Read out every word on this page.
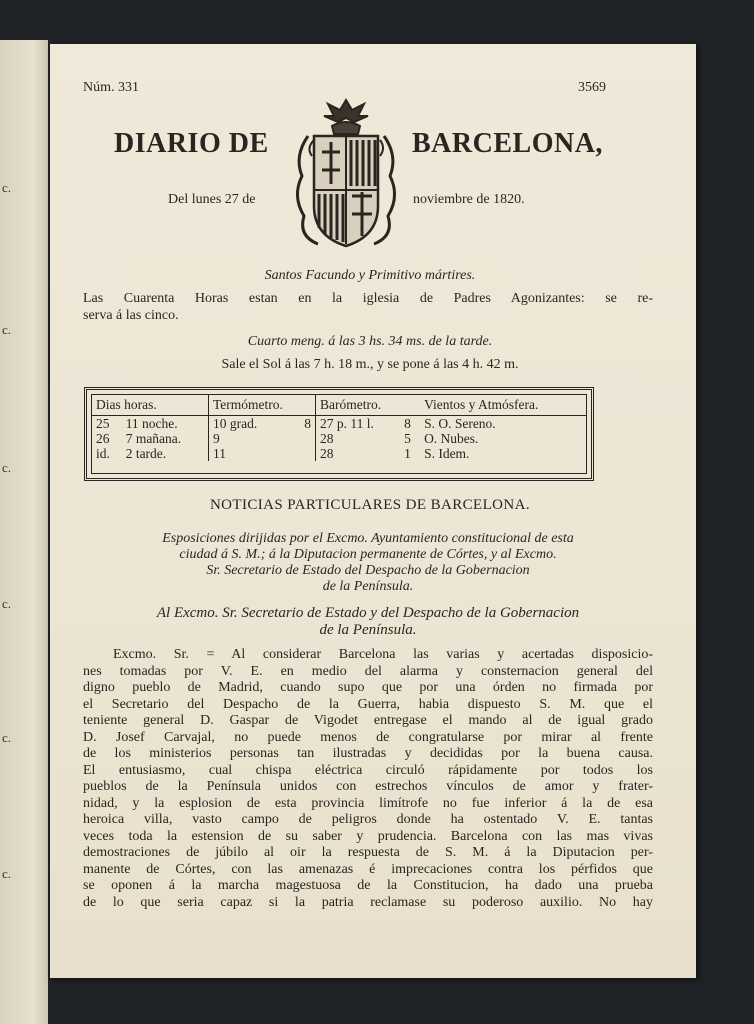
c.
c.
c.
c.
c.
c.
Núm. 331	3569
DIARIO DE	BARCELONA,
Del lunes 27 de	noviembre de 1820.
Santos Facundo y Primitivo mártires.
Las Cuarenta Horas estan en la iglesia de Padres Agonizantes: se re-
serva á las cinco.
Cuarto meng. á las 3 hs. 34 ms. de la tarde.
Sale el Sol á las 7 h. 18 m., y se pone á las 4 h. 42 m.
Dias horas.		Termómetro.		Barómetro.		Vientos y Atmósfera.
25	11 noche.	10 grad.	8	27 p. 11 l.	8	S. O. Sereno.
26	7 mañana.	9		28	5	O. Nubes.
id.	2 tarde.	11		28	1	S. Idem.
NOTICIAS PARTICULARES DE BARCELONA.
Esposiciones dirijidas por el Excmo. Ayuntamiento constitucional de esta
ciudad á S. M.; á la Diputacion permanente de Córtes, y al Excmo.
Sr. Secretario de Estado del Despacho de la Gobernacion
de la Península.
Al Excmo. Sr. Secretario de Estado y del Despacho de la Gobernacion
de la Península.
Excmo. Sr. = Al considerar Barcelona las varias y acertadas disposicio-
nes tomadas por V. E. en medio del alarma y consternacion general del
digno pueblo de Madrid, cuando supo que por una órden no firmada por
el Secretario del Despacho de la Guerra, habia dispuesto S. M. que el
teniente general D. Gaspar de Vigodet entregase el mando al de igual grado
D. Josef Carvajal, no puede menos de congratularse por mirar al frente
de los ministerios personas tan ilustradas y decididas por la buena causa.
El entusiasmo, cual chispa eléctrica circuló rápidamente por todos los
pueblos de la Península unidos con estrechos vínculos de amor y frater-
nidad, y la esplosion de esta provincia limítrofe no fue inferior á la de esa
heroica villa, vasto campo de peligros donde ha ostentado V. E. tantas
veces toda la estension de su saber y prudencia. Barcelona con las mas vivas
demostraciones de júbilo al oir la respuesta de S. M. á la Diputacion per-
manente de Córtes, con las amenazas é imprecaciones contra los pérfidos que
se oponen á la marcha magestuosa de la Constitucion, ha dado una prueba
de lo que seria capaz si la patria reclamase su poderoso auxilio. No hay
